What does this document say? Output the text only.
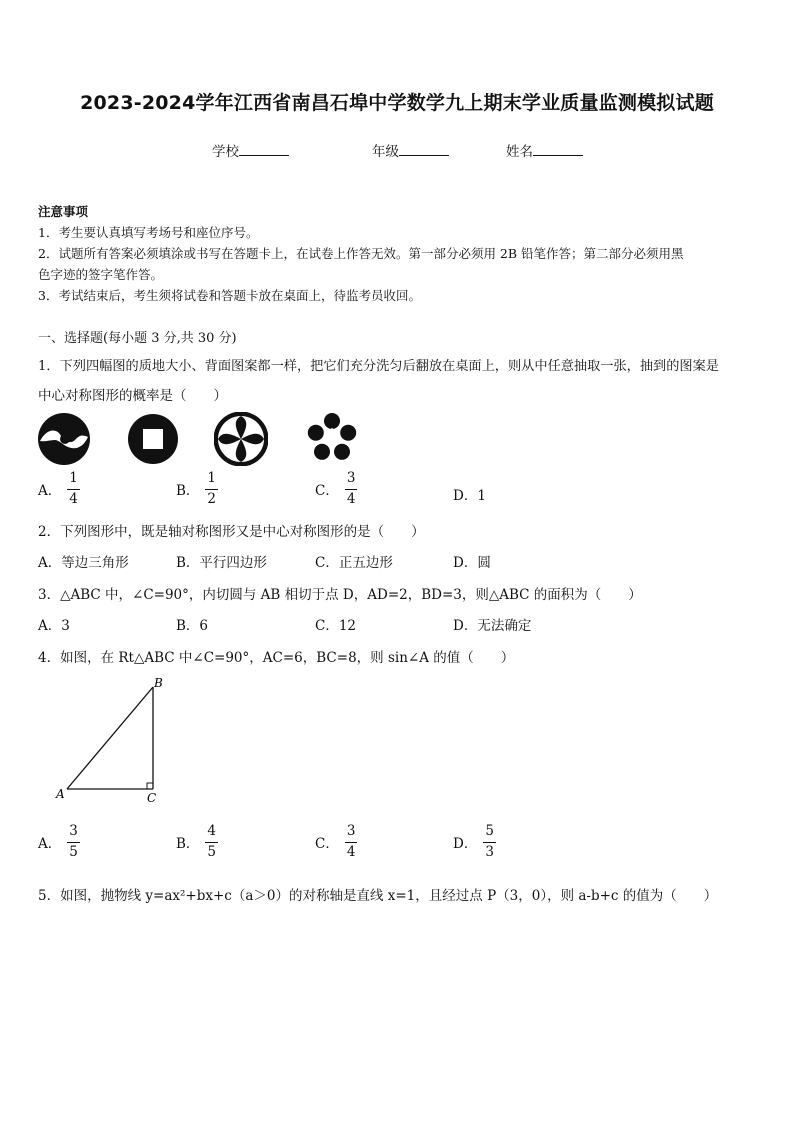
2023-2024学年江西省南昌石埠中学数学九上期末学业质量监测模拟试题
学校	年级	姓名
注意事项
1．考生要认真填写考场号和座位序号。
2．试题所有答案必须填涂或书写在答题卡上，在试卷上作答无效。第一部分必须用 2B 铅笔作答；第二部分必须用黑
色字迹的签字笔作答。
3．考试结束后，考生须将试卷和答题卡放在桌面上，待监考员收回。
一、选择题(每小题 3 分,共 30 分)
1．下列四幅图的质地大小、背面图案都一样，把它们充分洗匀后翻放在桌面上，则从中任意抽取一张，抽到的图案是
中心对称图形的概率是（　　）
A． $\frac{1}{4}$	B． $\frac{1}{2}$	C． $\frac{3}{4}$	D．1
2．下列图形中，既是轴对称图形又是中心对称图形的是（　　）
A．等边三角形	B．平行四边形	C．正五边形	D．圆
3．△ABC 中，∠C=90°，内切圆与 AB 相切于点 D，AD=2，BD=3，则△ABC 的面积为（　　）
A．3	B．6	C．12	D．无法确定
4．如图，在 Rt△ABC 中∠C=90°，AC=6，BC=8，则 sin∠A 的值（　　）
B
A	C
A． $\frac{3}{5}$	B． $\frac{4}{5}$	C． $\frac{3}{4}$	D． $\frac{5}{3}$
5．如图，抛物线 y=ax²+bx+c（a＞0）的对称轴是直线 x=1，且经过点 P（3，0），则 a-b+c 的值为（　　）
